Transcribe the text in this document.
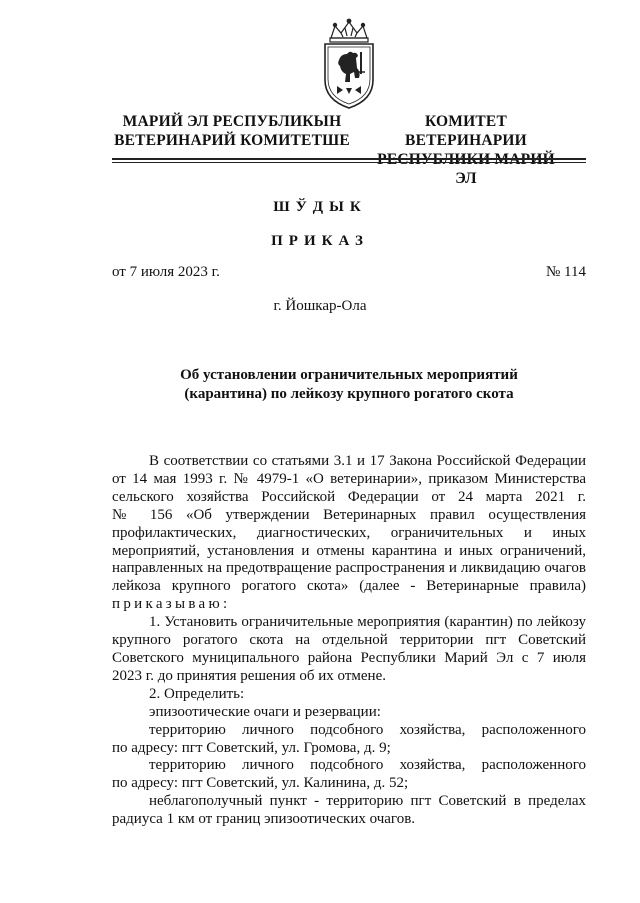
МАРИЙ ЭЛ РЕСПУБЛИКЫН
ВЕТЕРИНАРИЙ КОМИТЕТШЕ
КОМИТЕТ ВЕТЕРИНАРИИ
ЭЛ
ШЎДЫК
ПРИКАЗ
от 7 июля 2023 г.	№ 114
г. Йошкар-Ола
Об установлении ограничительных мероприятий
(карантина) по лейкозу крупного рогатого скота

В соответствии со статьями 3.1 и 17 Закона Российской Федерации

от 14 мая 1993 г. № 4979-1 «О ветеринарии», приказом Министерства

сельского хозяйства Российской Федерации от 24 марта 2021 г.

№ 156 «Об утверждении Ветеринарных правил осуществления

профилактических, диагностических, ограничительных и иных

мероприятий, установления и отмены карантина и иных ограничений,

направленных на предотвращение распространения и ликвидацию очагов

лейкоза крупного рогатого скота» (далее - Ветеринарные правила)

приказываю:

1. Установить ограничительные мероприятия (карантин) по лейкозу

крупного рогатого скота на отдельной территории пгт Советский

Советского муниципального района Республики Марий Эл с 7 июля

2023 г. до принятия решения об их отмене.

2. Определить:

эпизоотические очаги и резервации:

территорию личного подсобного хозяйства, расположенного

по адресу: пгт Советский, ул. Громова, д. 9;

территорию личного подсобного хозяйства, расположенного

по адресу: пгт Советский, ул. Калинина, д. 52;

неблагополучный пункт - территорию пгт Советский в пределах

радиуса 1 км от границ эпизоотических очагов.
